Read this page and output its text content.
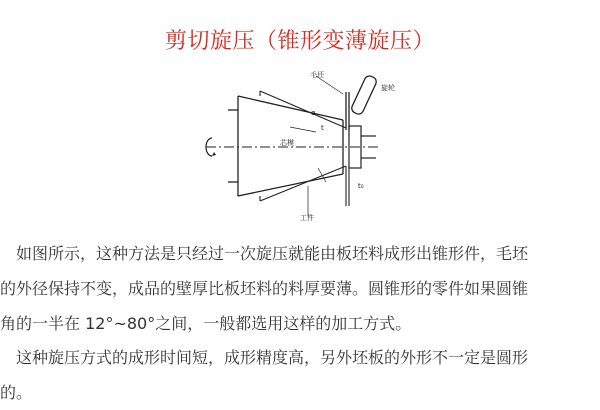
剪切旋压（锥形变薄旋压）
毛坯
旋轮
芯模
工件
t
t₀
α

如图所示，这种方法是只经过一次旋压就能由板坯料成形出锥形件，毛坯
的外径保持不变，成品的壁厚比板坯料的料厚要薄。圆锥形的零件如果圆锥
角的一半在 12°~80°之间，一般都选用这样的加工方式。

这种旋压方式的成形时间短，成形精度高，另外坯板的外形不一定是圆形
的。
